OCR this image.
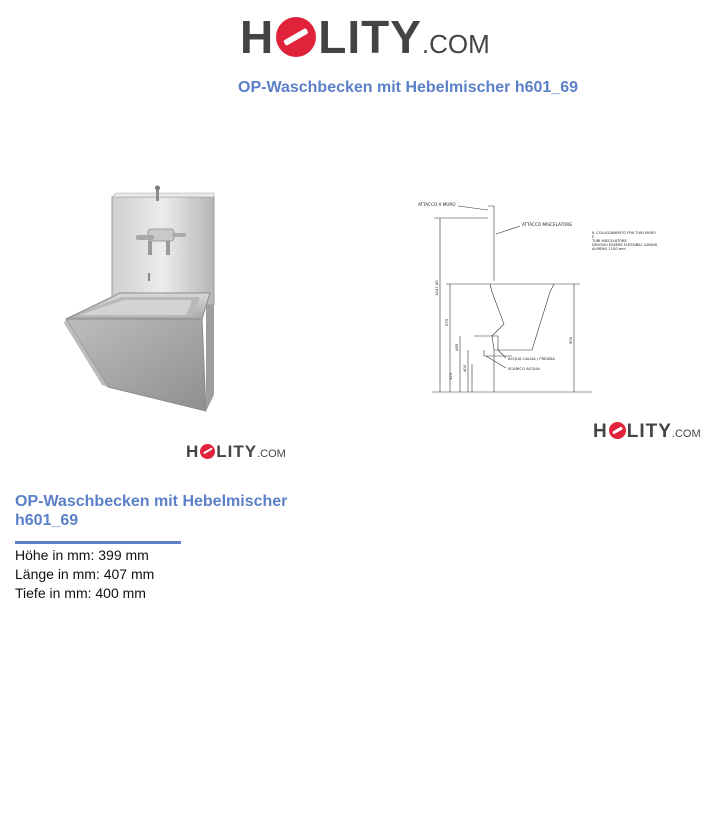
H LITY .COM
OP-Waschbecken mit Hebelmischer h601_69
H LITY .COM
ATTACCO A MURO
ATTACCO MISCELATORE
IL COLLEGAMENTO FRA TUBI MURO
E
TUBI MISCELATORE
DEVONO ESSERE FLESSIBILI LUNGHI
ALMENO 1100 mm
ACQUA CALDA / FREDDA
SCARICO ACQUA
1447,45
575
485
400
320
900
H LITY .COM
OP-Waschbecken mit Hebelmischer h601_69
Höhe in mm: 399 mm
Länge in mm: 407 mm
Tiefe in mm: 400 mm
